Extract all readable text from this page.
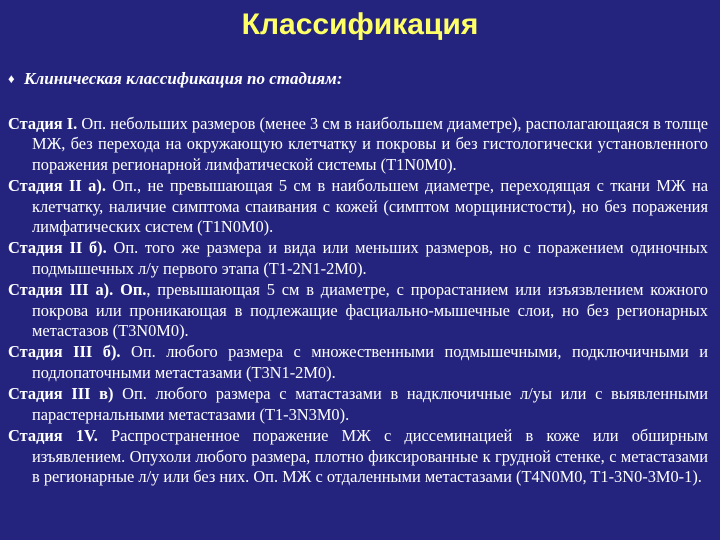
Классификация
♦ Клиническая классификация по стадиям:

Стадия I. Оп. небольших размеров (менее 3 см в наибольшем диаметре), располагающаяся в толще МЖ, без перехода на окружающую клетчатку и покровы и без гистологически установленного поражения регионарной лимфатической системы (T1N0M0).

Стадия II а). Оп., не превышающая 5 см в наибольшем диаметре, переходящая с ткани МЖ на клетчатку, наличие симптома спаивания с кожей (симптом морщинистости), но без поражения лимфатических систем (T1N0M0).

Стадия II б). Оп. того же размера и вида или меньших размеров, но с поражением одиночных подмышечных л/у первого этапа (T1-2N1-2M0).

Стадия III а). Оп., превышающая 5 см в диаметре, с прорастанием или изъязвлением кожного покрова или проникающая в подлежащие фасциально-мышечные слои, но без регионарных метастазов (T3N0M0).

Стадия III б). Оп. любого размера с множественными подмышечными, подключичными и подлопаточными метастазами (T3N1-2M0).

Стадия III в) Оп. любого размера с матастазами в надключичные л/уы или с выявленными парастернальными метастазами (T1-3N3M0).

Стадия 1V. Распространенное поражение МЖ с диссеминацией в коже или обширным изъявлением. Опухоли любого размера, плотно фиксированные к грудной стенке, с метастазами в регионарные л/у или без них. Оп. МЖ с отдаленными метастазами (T4N0M0, T1-3N0-3M0-1).
